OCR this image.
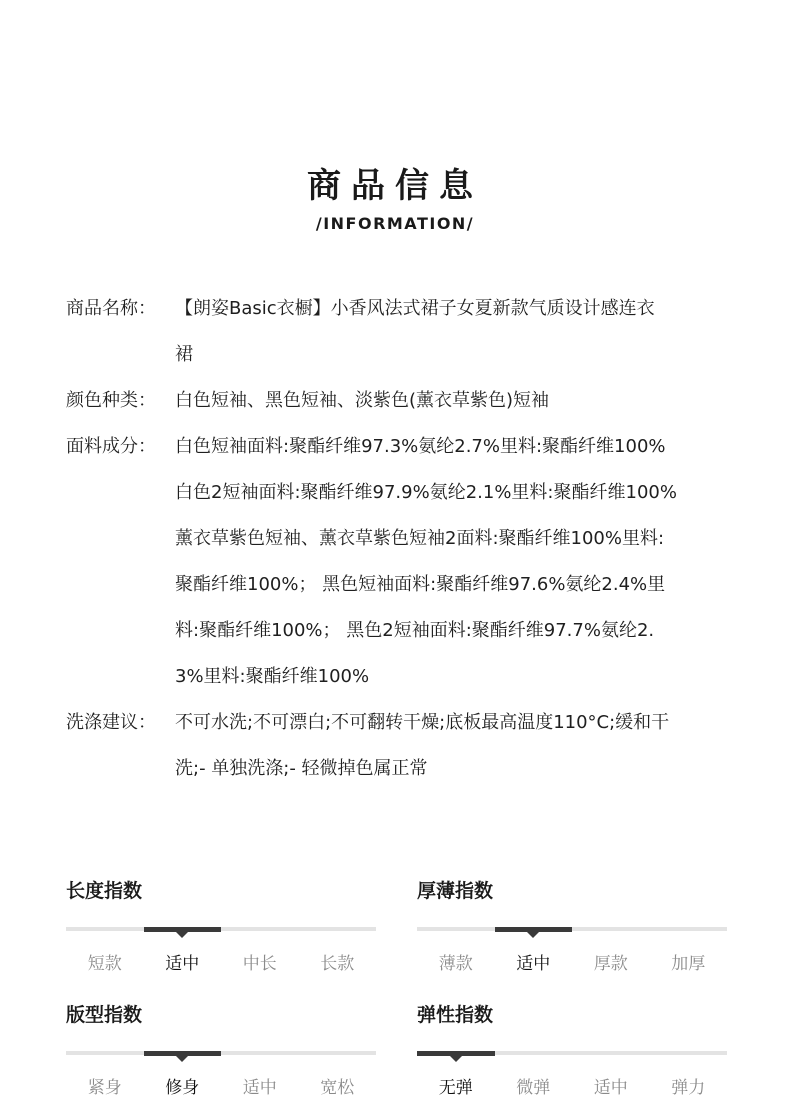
商品信息
/INFORMATION/
商品名称：	【朗姿Basic衣橱】小香风法式裙子女夏新款气质设计感连衣
裙
颜色种类：	白色短袖、黑色短袖、淡紫色(薰衣草紫色)短袖
面料成分：	白色短袖面料:聚酯纤维97.3%氨纶2.7%里料:聚酯纤维100%
白色2短袖面料:聚酯纤维97.9%氨纶2.1%里料:聚酯纤维100%
薰衣草紫色短袖、薰衣草紫色短袖2面料:聚酯纤维100%里料:
聚酯纤维100%； 黑色短袖面料:聚酯纤维97.6%氨纶2.4%里
料:聚酯纤维100%； 黑色2短袖面料:聚酯纤维97.7%氨纶2.
3%里料:聚酯纤维100%
洗涤建议：	不可水洗;不可漂白;不可翻转干燥;底板最高温度110°C;缓和干
洗;- 单独洗涤;- 轻微掉色属正常
长度指数
短款	适中	中长	长款
厚薄指数
薄款	适中	厚款	加厚
版型指数
紧身	修身	适中	宽松
弹性指数
无弹	微弹	适中	弹力
